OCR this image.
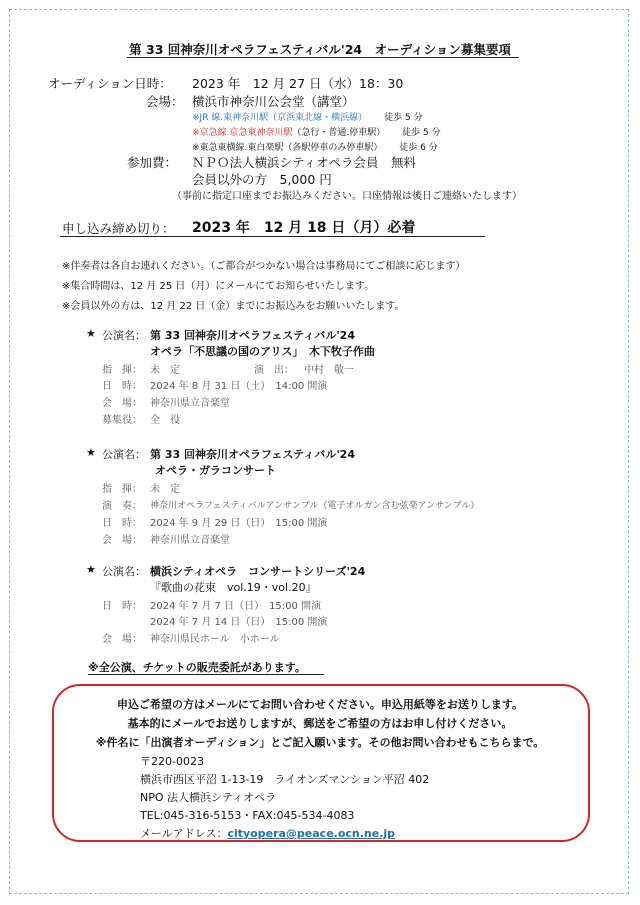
第 33 回神奈川オペラフェスティバル'24　オーディション募集要項
オーディション日時： 2023 年　12 月 27 日（水）18：30
会場： 横浜市神奈川公会堂（講堂）
※JR 線.東神奈川駅（京浜東北線・横浜線） 徒歩 5 分
※京急線.京急東神奈川駅（急行・普通.停車駅） 徒歩 5 分
※東急東横線.東白楽駅（各駅停車のみ停車駅） 徒歩 6 分
参加費： ＮＰＯ法人横浜シティオペラ会員　無料
会員以外の方　5,000 円
（事前に指定口座までお振込みください。口座情報は後日ご連絡いたします）
申し込み締め切り： 2023 年　12 月 18 日（月）必着
※伴奏者は各自お連れください。（ご都合がつかない場合は事務局にてご相談に応じます）
※集合時間は、12 月 25 日（月）にメールにてお知らせいたします。
※会員以外の方は、12 月 22 日（金）までにお振込みをお願いいたします。
★ 公演名： 第 33 回神奈川オペラフェスティバル'24
オペラ「不思議の国のアリス」　木下牧子作曲
指　揮： 未　定	演　出： 中村　敬一
日　時： 2024 年 8 月 31 日（土）　14:00 開演
会　場： 神奈川県立音楽堂
募集役： 全　役
★ 公演名： 第 33 回神奈川オペラフェスティバル'24
オペラ・ガラコンサート
指　揮： 未　定
演　奏： 神奈川オペラフェスティバルアンサンブル（電子オルガン含む弦楽アンサンブル）
日　時： 2024 年 9 月 29 日（日）　15:00 開演
会　場： 神奈川県立音楽堂
★ 公演名： 横浜シティオペラ　コンサートシリーズ'24
『歌曲の花束　vol.19・vol.20』
日　時： 2024 年 7 月 7 日（日）　15:00 開演
2024 年 7 月 14 日（日）　15:00 開演
会　場： 神奈川県民ホール　小ホール
※全公演、チケットの販売委託があります。
申込ご希望の方はメールにてお問い合わせください。申込用紙等をお送りします。
基本的にメールでお送りしますが、郵送をご希望の方はお申し付けください。
※件名に「出演者オーディション」とご記入願います。その他お問い合わせもこちらまで。
〒220-0023
横浜市西区平沼 1-13-19　ライオンズマンション平沼 402
NPO 法人横浜シティオペラ
TEL:045-316-5153・FAX:045-534-4083
メールアドレス：cityopera@peace.ocn.ne.jp
